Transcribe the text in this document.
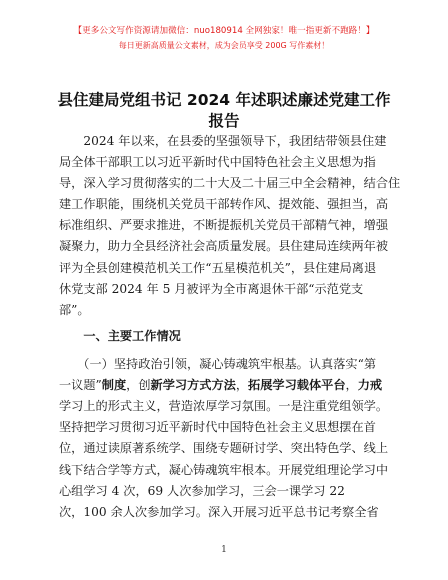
【更多公文写作资源请加微信：nuo180914 全网独家！唯一指更新不跑路！】
每日更新高质量公文素材，成为会员享受 200G 写作素材！
县住建局党组书记 2024 年述职述廉述党建工作
报告
　　2024 年以来，在县委的坚强领导下，我团结带领县住建
局全体干部职工以习近平新时代中国特色社会主义思想为指
导，深入学习贯彻落实的二十大及二十届三中全会精神，结合住
建工作职能，围绕机关党员干部转作风、提效能、强担当，高
标准组织、严要求推进，不断提振机关党员干部精气神，增强
凝聚力，助力全县经济社会高质量发展。县住建局连续两年被
评为全县创建模范机关工作“五星模范机关”，县住建局离退
休党支部 2024 年 5 月被评为全市离退休干部“示范党支
部”。
　　一、主要工作情况
　　（一）坚持政治引领，凝心铸魂筑牢根基。认真落实“第
一议题”制度，创新学习方式方法，拓展学习载体平台，力戒
学习上的形式主义，营造浓厚学习氛围。一是注重党组领学。
坚持把学习贯彻习近平新时代中国特色社会主义思想摆在首
位，通过读原著系统学、围绕专题研讨学、突出特色学、线上
线下结合学等方式，凝心铸魂筑牢根本。开展党组理论学习中
心组学习 4 次，69 人次参加学习，三会一课学习 22
次，100 余人次参加学习。深入开展习近平总书记考察全省
1
